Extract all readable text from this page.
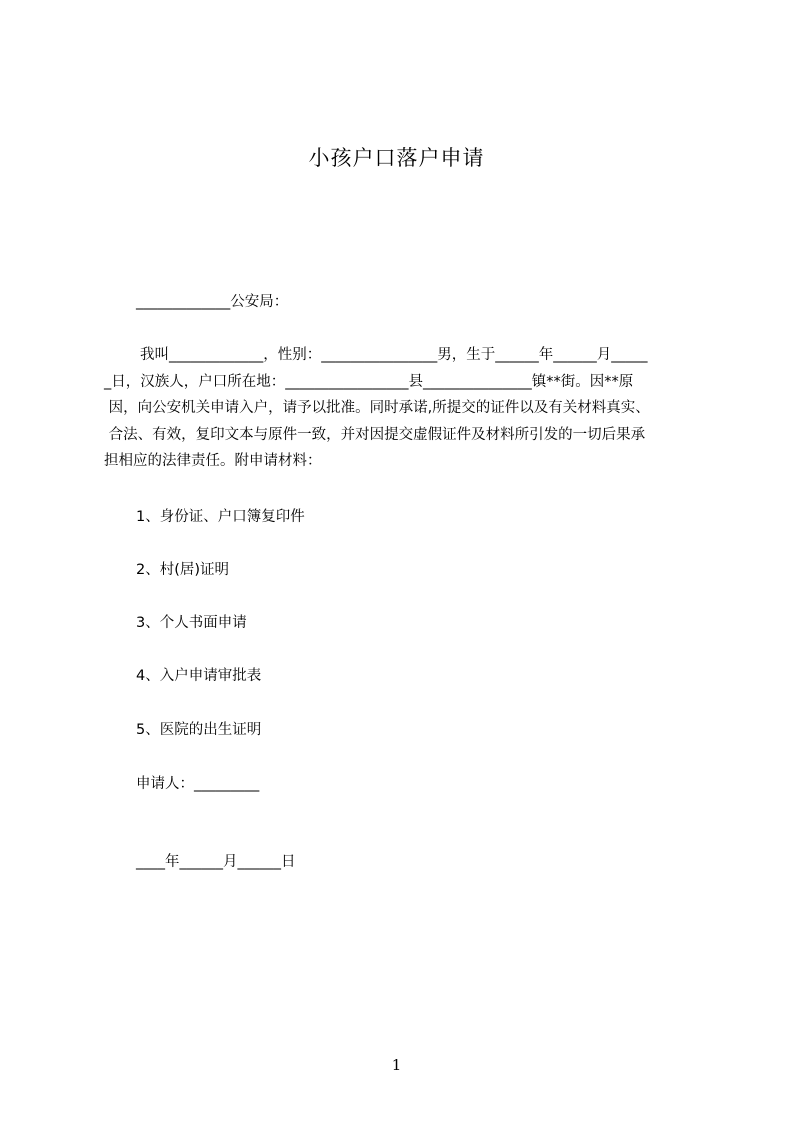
小孩户口落户申请
_____________公安局：
我叫_____________，性别：________________男，生于______年______月_____
_日，汉族人，户口所在地：_________________县_______________镇**街。因**原
因，向公安机关申请入户，请予以批准。同时承诺,所提交的证件以及有关材料真实、
合法、有效，复印文本与原件一致，并对因提交虚假证件及材料所引发的一切后果承
担相应的法律责任。附申请材料：
1、身份证、户口簿复印件
2、村(居)证明
3、个人书面申请
4、入户申请审批表
5、医院的出生证明
申请人：_________
____年______月______日
1
